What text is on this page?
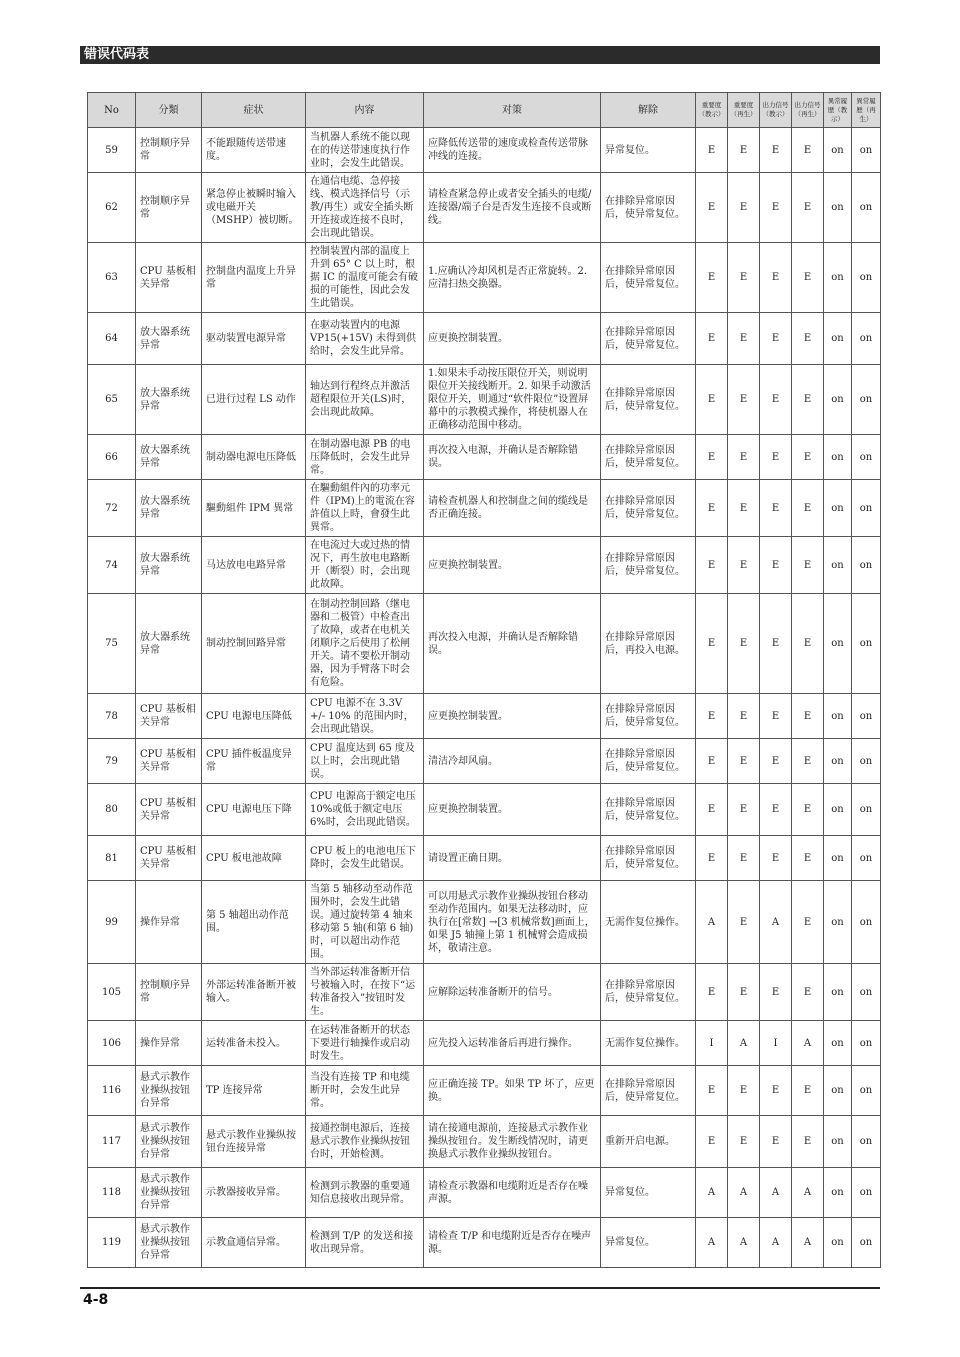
错误代码表
No	分類	症状	内容	对策	解除	重要度（教示）	重要度（再生）	出力信号（教示）	出力信号（再生）	異常履歴（教示）	異常履歴（再生）
59	控制顺序异常	不能跟随传送带速度。	当机器人系统不能以现在的传送带速度执行作业时，会发生此错误。	应降低传送带的速度或检查传送带脉冲线的连接。	异常复位。	E	E	E	E	on	on
62	控制顺序异常	紧急停止被瞬时输入或电磁开关（MSHP）被切断。	在通信电缆、急停接线、模式选择信号（示教/再生）或安全插头断开连接或连接不良时，会出现此错误。	请检查紧急停止或者安全插头的电缆/连接器/端子台是否发生连接不良或断线。	在排除异常原因后，使异常复位。	E	E	E	E	on	on
63	CPU 基板相关异常	控制盘内温度上升异常	控制装置内部的温度上升到 65° C 以上时，根据 IC 的温度可能会有破损的可能性，因此会发生此错误。	1.应确认冷却风机是否正常旋转。2.应清扫热交换器。	在排除异常原因后，使异常复位。	E	E	E	E	on	on
64	放大器系统异常	驱动装置电源异常	在驱动装置内的电源 VP15(+15V) 未得到供给时，会发生此异常。	应更换控制装置。	在排除异常原因后，使异常复位。	E	E	E	E	on	on
65	放大器系统异常	已进行过程 LS 动作	轴达到行程终点并激活超程限位开关(LS)时，会出现此故障。	1.如果未手动按压限位开关，则说明限位开关接线断开。2. 如果手动激活限位开关，则通过“软件限位”设置屏幕中的示教模式操作，将使机器人在正确移动范围中移动。	在排除异常原因后，使异常复位。	E	E	E	E	on	on
66	放大器系统异常	制动器电源电压降低	在制动器电源 PB 的电压降低时，会发生此异常。	再次投入电源，并确认是否解除错误。	在排除异常原因后，使异常复位。	E	E	E	E	on	on
72	放大器系统异常	驅動組件 IPM 異常	在驅動組件內的功率元件（IPM)上的電流在容許值以上時，會發生此異常。	请检查机器人和控制盘之间的缆线是否正确连接。	在排除异常原因后，使异常复位。	E	E	E	E	on	on
74	放大器系统异常	马达放电电路异常	在电流过大或过热的情况下，再生放电电路断开（断裂）时，会出现此故障。	应更换控制装置。	在排除异常原因后，使异常复位。	E	E	E	E	on	on
75	放大器系统异常	制动控制回路异常	在制动控制回路（继电器和二极管）中检查出了故障，或者在电机关闭顺序之后使用了松闸开关。请不要松开制动器，因为手臂落下时会有危险。	再次投入电源，并确认是否解除错误。	在排除异常原因后，再投入电源。	E	E	E	E	on	on
78	CPU 基板相关异常	CPU 电源电压降低	CPU 电源不在 3.3V +/- 10% 的范围内时，会出现此错误。	应更换控制装置。	在排除异常原因后，使异常复位。	E	E	E	E	on	on
79	CPU 基板相关异常	CPU 插件板温度异常	CPU 温度达到 65 度及以上时，会出现此错误。	清洁冷却风扇。	在排除异常原因后，使异常复位。	E	E	E	E	on	on
80	CPU 基板相关异常	CPU 电源电压下降	CPU 电源高于额定电压 10%或低于额定电压 6%时，会出现此错误。	应更换控制装置。	在排除异常原因后，使异常复位。	E	E	E	E	on	on
81	CPU 基板相关异常	CPU 板电池故障	CPU 板上的电池电压下降时，会发生此错误。	请设置正确日期。	在排除异常原因后，使异常复位。	E	E	E	E	on	on
99	操作异常	第 5 轴超出动作范围。	当第 5 轴移动至动作范围外时，会发生此错误。通过旋转第 4 轴来移动第 5 轴(和第 6 轴)时，可以超出动作范围。	可以用悬式示教作业操纵按钮台移动至动作范围内。如果无法移动时，应执行在[常数] →[3 机械常数]画面上，如果 J5 轴撞上第 1 机械臂会造成损坏，敬请注意。	无需作复位操作。	A	E	A	E	on	on
105	控制顺序异常	外部运转准备断开被输入。	当外部运转准备断开信号被输入时，在按下“运转准备投入”按钮时发生。	应解除运转准备断开的信号。	在排除异常原因后，使异常复位。	E	E	E	E	on	on
106	操作异常	运转准备未投入。	在运转准备断开的状态下要进行轴操作或启动时发生。	应先投入运转准备后再进行操作。	无需作复位操作。	I	A	I	A	on	on
116	悬式示教作业操纵按钮台异常	TP 连接异常	当没有连接 TP 和电缆断开时，会发生此异常。	应正确连接 TP。如果 TP 坏了，应更换。	在排除异常原因后，使异常复位。	E	E	E	E	on	on
117	悬式示教作业操纵按钮台异常	悬式示教作业操纵按钮台连接异常	接通控制电源后，连接悬式示教作业操纵按钮台时，开始检测。	请在接通电源前，连接悬式示教作业操纵按钮台。发生断线情况时，请更换悬式示教作业操纵按钮台。	重新开启电源。	E	E	E	E	on	on
118	悬式示教作业操纵按钮台异常	示教器接收异常。	检测到示教器的重要通知信息接收出现异常。	请检查示教器和电缆附近是否存在噪声源。	异常复位。	A	A	A	A	on	on
119	悬式示教作业操纵按钮台异常	示教盒通信异常。	检测到 T/P 的发送和接收出现异常。	请检查 T/P 和电缆附近是否存在噪声源。	异常复位。	A	A	A	A	on	on
4-8
